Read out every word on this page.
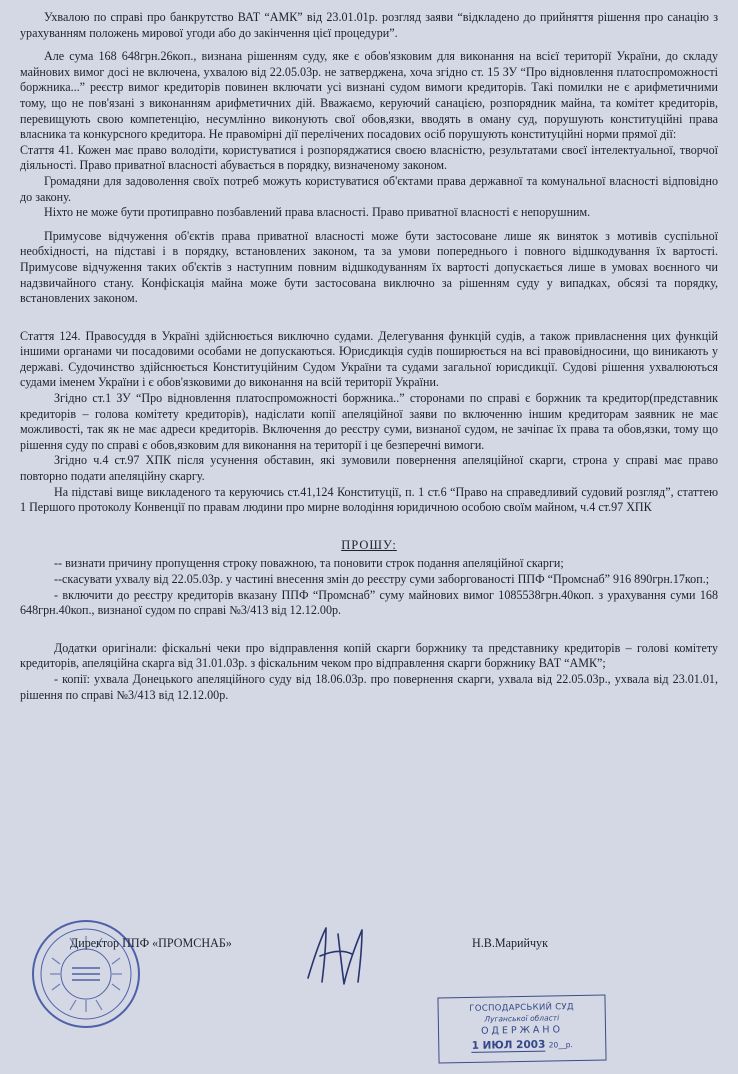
Ухвалою по справі про банкрутство ВАТ “АМК” від 23.01.01р. розгляд заяви “відкладено до прийняття рішення про санацію з урахуванням положень мирової угоди або до закінчення цієї процедури”.

Але сума 168 648грн.26коп., визнана рішенням суду, яке є обов'язковим для виконання на всієї території України, до складу майнових вимог досі не включена, ухвалою від 22.05.03р. не затверджена, хоча згідно ст. 15 ЗУ “Про відновлення платоспроможності боржника...” реєстр вимог кредиторів повинен включати усі визнані судом вимоги кредиторів. Такі помилки не є арифметичними тому, що не пов'язані з виконанням арифметичних дій. Вважаємо, керуючий санацією, розпорядник майна, та комітет кредиторів, перевищують свою компетенцію, несумлінно виконують свої обов,язки, вводять в оману суд, порушують конституційні права власника та конкурсного кредитора. Не правомірні дії перелічених посадових осіб порушують конституційні норми прямої дії:

Стаття 41. Кожен має право володіти, користуватися і розпоряджатися своєю власністю, результатами своєї інтелектуальної, творчої діяльності. Право приватної власності абувається в порядку, визначеному законом.

Громадяни для задоволення своїх потреб можуть користуватися об'єктами права державної та комунальної власності відповідно до закону.

Ніхто не може бути протиправно позбавлений права власності. Право приватної власності є непорушним.

Примусове відчуження об'єктів права приватної власності може бути застосоване лише як виняток з мотивів суспільної необхідності, на підставі і в порядку, встановлених законом, та за умови попереднього і повного відшкодування їх вартості. Примусове відчуження таких об'єктів з наступним повним відшкодуванням їх вартості допускається лише в умовах воєнного чи надзвичайного стану. Конфіскація майна може бути застосована виключно за рішенням суду у випадках, обсязі та порядку, встановлених законом.

Стаття 124. Правосуддя в Україні здійснюється виключно судами. Делегування функцій судів, а також привласнення цих функцій іншими органами чи посадовими особами не допускаються. Юрисдикція судів поширюється на всі правовідносини, що виникають у державі. Судочинство здійснюється Конституційним Судом України та судами загальної юрисдикції. Судові рішення ухвалюються судами іменем України і є обов'язковими до виконання на всій території України.

Згідно ст.1 ЗУ “Про відновлення платоспроможності боржника..” сторонами по справі є боржник та кредитор(представник кредиторів – голова комітету кредиторів), надіслати копії апеляційної заяви по включенню іншим кредиторам заявник не має можливості, так як не має адреси кредиторів. Включення до реєстру суми, визнаної судом, не зачіпає їх права та обов,язки, тому що рішення суду по справі є обов,язковим для виконання на території і це безперечні вимоги.

Згідно ч.4 ст.97 ХПК після усунення обставин, які зумовили повернення апеляційної скарги, строна у справі має право повторно подати апеляційну скаргу.

На підставі вище викладеного та керуючись ст.41,124 Конституції, п. 1 ст.6 “Право на справедливий судовий розгляд”, статтею 1 Першого протоколу Конвенції по правам людини про мирне володіння юридичною особою своїм майном, ч.4 ст.97 ХПК

ПРОШУ:

-- визнати причину пропущення строку поважною, та поновити строк подання апеляційної скарги;

--скасувати ухвалу від 22.05.03р. у частині внесення змін до реєстру суми заборгованості ППФ “Промснаб” 916 890грн.17коп.;

- включити до реєстру кредиторів вказану ППФ “Промснаб” суму майнових вимог 1085538грн.40коп. з урахування суми 168 648грн.40коп., визнаної судом по справі №3/413 від 12.12.00р.

Додатки оригінали: фіскальні чеки про відправлення копій скарги боржнику та представнику кредиторів – голові комітету кредиторів, апеляційна скарга від 31.01.03р. з фіскальним чеком про відправлення скарги боржнику ВАТ “АМК”;

- копії: ухвала Донецького апеляційного суду від 18.06.03р. про повернення скарги, ухвала від 22.05.03р., ухвала від 23.01.01, рішення по справі №3/413 від 12.12.00р.

Директор ППФ «ПРОМСНАБ»	Н.В.Марийчук
ГОСПОДАРСЬКИЙ СУД
Луганської області
ОДЕРЖАНО
1 ИЮЛ 2003 20__р.
